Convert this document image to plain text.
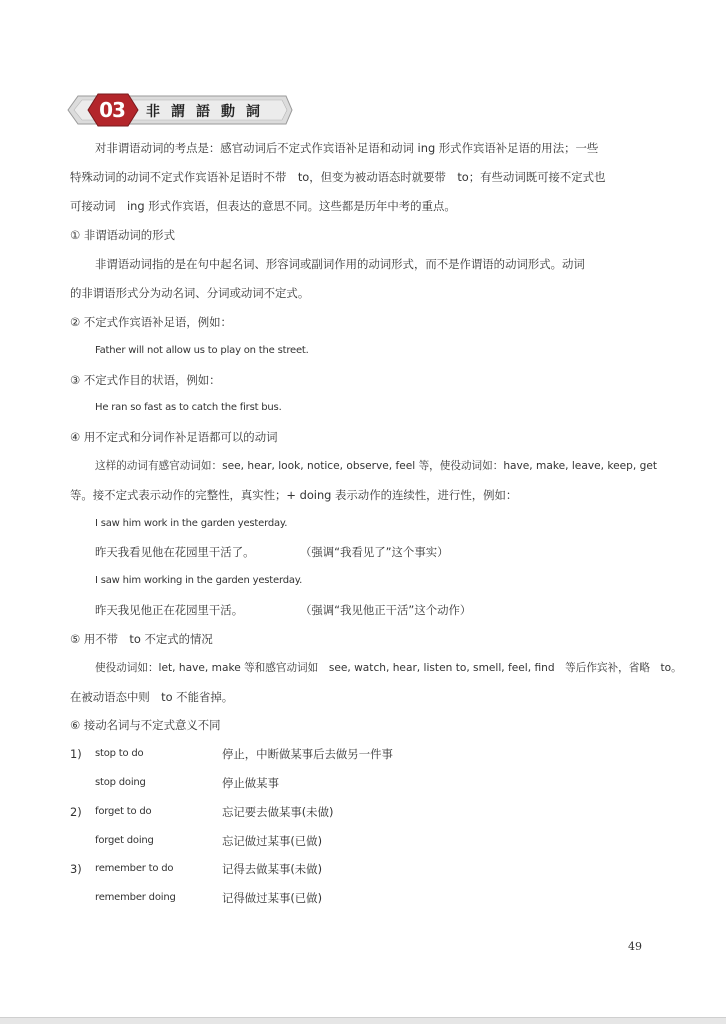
03	非謂語動詞
对非谓语动词的考点是：感官动词后不定式作宾语补足语和动词 ing 形式作宾语补足语的用法；一些
特殊动词的动词不定式作宾语补足语时不带　to，但变为被动语态时就要带　to；有些动词既可接不定式也
可接动词　ing 形式作宾语，但表达的意思不同。这些都是历年中考的重点。
① 非谓语动词的形式
非谓语动词指的是在句中起名词、形容词或副词作用的动词形式，而不是作谓语的动词形式。动词
的非谓语形式分为动名词、分词或动词不定式。
② 不定式作宾语补足语，例如：
Father will not allow us to play on the street.
③ 不定式作目的状语，例如：
He ran so fast as to catch the first bus.
④ 用不定式和分词作补足语都可以的动词
这样的动词有感官动词如：see, hear, look, notice, observe, feel 等，使役动词如：have, make, leave, keep, get
等。接不定式表示动作的完整性，真实性；+ doing 表示动作的连续性，进行性，例如：
I saw him work in the garden yesterday.
昨天我看见他在花园里干活了。	（强调“我看见了”这个事实）
I saw him working in the garden yesterday.
昨天我见他正在花园里干活。	（强调“我见他正干活”这个动作）
⑤ 用不带　to 不定式的情况
使役动词如：let, have, make 等和感官动词如　see, watch, hear, listen to, smell, feel, find　等后作宾补，省略　to。
在被动语态中则　to 不能省掉。
⑥ 接动名词与不定式意义不同
1) stop to do	停止，中断做某事后去做另一件事
stop doing	停止做某事
2) forget to do	忘记要去做某事(未做)
forget doing	忘记做过某事(已做)
3) remember to do	记得去做某事(未做)
remember doing	记得做过某事(已做)
49
